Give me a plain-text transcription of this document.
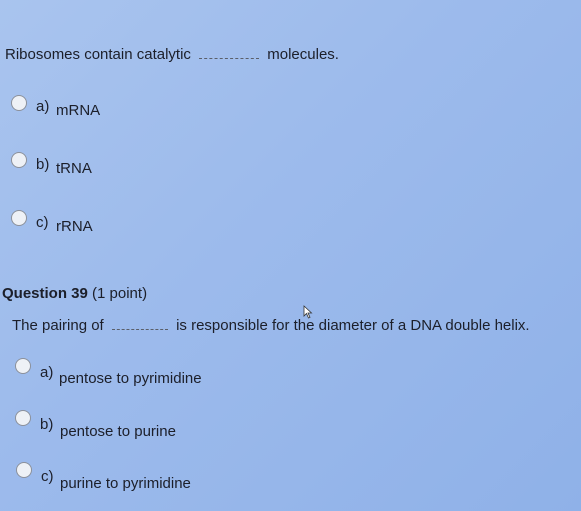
Ribosomes contain catalytic	molecules.
a) mRNA
b) tRNA
c) rRNA
Question 39 (1 point)
The pairing of	is responsible for the diameter of a DNA double helix.
a) pentose to pyrimidine
b) pentose to purine
c) purine to pyrimidine
